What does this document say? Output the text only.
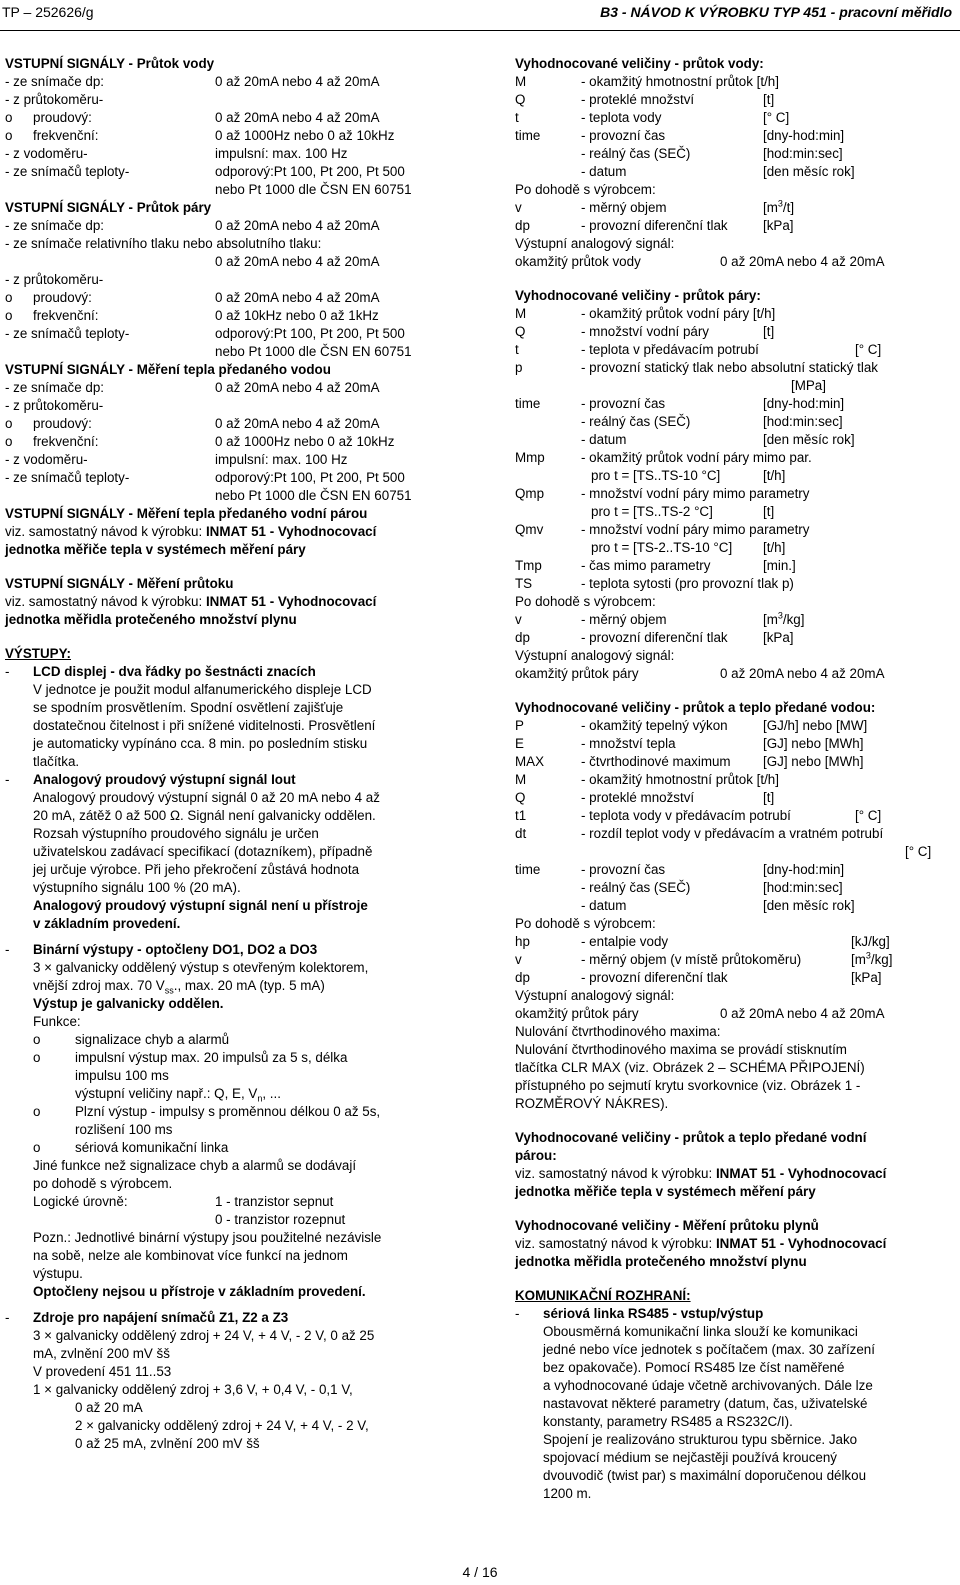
TP – 252626/g	B3 - NÁVOD K VÝROBKU TYP 451 - pracovní měřidlo
VSTUPNÍ SIGNÁLY - Průtok vody
- ze snímače dp:	0 až 20mA nebo 4 až 20mA
- z průtokoměru-
o proudový:	0 až 20mA nebo 4 až 20mA
o frekvenční:	0 až 1000Hz nebo 0 až 10kHz
- z vodoměru-	impulsní: max. 100 Hz
- ze snímačů teploty-	odporový:Pt 100, Pt 200, Pt 500
nebo Pt 1000 dle ČSN EN 60751
VSTUPNÍ SIGNÁLY - Průtok páry
- ze snímače dp:	0 až 20mA nebo 4 až 20mA
- ze snímače relativního tlaku nebo absolutního tlaku:
0 až 20mA nebo 4 až 20mA
- z průtokoměru-
o proudový:	0 až 20mA nebo 4 až 20mA
o frekvenční:	0 až 10kHz nebo 0 až 1kHz
- ze snímačů teploty-	odporový:Pt 100, Pt 200, Pt 500
nebo Pt 1000 dle ČSN EN 60751
VSTUPNÍ SIGNÁLY - Měření tepla předaného vodou
- ze snímače dp:	0 až 20mA nebo 4 až 20mA
- z průtokoměru-
o proudový:	0 až 20mA nebo 4 až 20mA
o frekvenční:	0 až 1000Hz nebo 0 až 10kHz
- z vodoměru-	impulsní: max. 100 Hz
- ze snímačů teploty-	odporový:Pt 100, Pt 200, Pt 500
nebo Pt 1000 dle ČSN EN 60751
VSTUPNÍ SIGNÁLY - Měření tepla předaného vodní párou
viz. samostatný návod k výrobku: INMAT 51 - Vyhodnocovací
jednotka měřiče tepla v systémech měření páry
VSTUPNÍ SIGNÁLY - Měření průtoku
viz. samostatný návod k výrobku: INMAT 51 - Vyhodnocovací
jednotka měřidla protečeného množství plynu
VÝSTUPY:
- LCD displej - dva řádky po šestnácti znacích
V jednotce je použit modul alfanumerického displeje LCD
se spodním prosvětlením. Spodní osvětlení zajišťuje
dostatečnou čitelnost i při snížené viditelnosti. Prosvětlení
je automaticky vypínáno cca. 8 min. po posledním stisku
tlačítka.
- Analogový proudový výstupní signál Iout
Analogový proudový výstupní signál 0 až 20 mA nebo 4 až
20 mA, zátěž 0 až 500 Ω. Signál není galvanicky oddělen.
Rozsah výstupního proudového signálu je určen
uživatelskou zadávací specifikací (dotazníkem), případně
jej určuje výrobce. Při jeho překročení zůstává hodnota
výstupního signálu 100 % (20 mA).
Analogový proudový výstupní signál není u přístroje
v základním provedení.
- Binární výstupy - optočleny DO1, DO2 a DO3
3 × galvanicky oddělený výstup s otevřeným kolektorem,
vnější zdroj max. 70 $V_{ss}$., max. 20 mA (typ. 5 mA)
Výstup je galvanicky oddělen.
Funkce:
o	signalizace chyb a alarmů
o	impulsní výstup max. 20 impulsů za 5 s, délka
impulsu 100 ms
výstupní veličiny např.: Q, E, $V_n$, ...
o	Plzní výstup - impulsy s proměnnou délkou 0 až 5s,
rozlišení 100 ms
o	sériová komunikační linka
Jiné funkce než signalizace chyb a alarmů se dodávají
po dohodě s výrobcem.
Logické úrovně:	1 - tranzistor sepnut
0 - tranzistor rozepnut
Pozn.: Jednotlivé binární výstupy jsou použitelné nezávisle
na sobě, nelze ale kombinovat více funkcí na jednom
výstupu.
Optočleny nejsou u přístroje v základním provedení.
- Zdroje pro napájení snímačů Z1, Z2 a Z3
3 × galvanicky oddělený zdroj + 24 V, + 4 V, - 2 V, 0 až 25
mA, zvlnění 200 mV šš
V provedení 451 11..53
1 × galvanicky oddělený zdroj + 3,6 V, + 0,4 V, - 0,1 V,
0 až 20 mA
2 × galvanicky oddělený zdroj + 24 V, + 4 V, - 2 V,
0 až 25 mA, zvlnění 200 mV šš
Vyhodnocované veličiny - průtok vody:
M	- okamžitý hmotnostní průtok [t/h]
Q	- proteklé množství	[t]
t	- teplota vody	[° C]
time	- provozní čas	[dny-hod:min]
- reálný čas (SEČ)	[hod:min:sec]
- datum	[den měsíc rok]
Po dohodě s výrobcem:
v	- měrný objem	$[m^3/t]$
dp	- provozní diferenční tlak	[kPa]
Výstupní analogový signál:
okamžitý průtok vody	0 až 20mA nebo 4 až 20mA
Vyhodnocované veličiny - průtok páry:
M	- okamžitý průtok vodní páry [t/h]
Q	- množství vodní páry	[t]
t	- teplota v předávacím potrubí	[° C]
p	- provozní statický tlak nebo absolutní statický tlak
[MPa]
time	- provozní čas	[dny-hod:min]
- reálný čas (SEČ)	[hod:min:sec]
- datum	[den měsíc rok]
Mmp	- okamžitý průtok vodní páry mimo par.
pro t = [TS..TS-10 °C]	[t/h]
Qmp	- množství vodní páry mimo parametry
pro t = [TS..TS-2 °C]	[t]
Qmv	- množství vodní páry mimo parametry
pro t = [TS-2..TS-10 °C] [t/h]
Tmp	- čas mimo parametry	[min.]
TS	- teplota sytosti (pro provozní tlak p)
Po dohodě s výrobcem:
v	- měrný objem	$[m^3/kg]$
dp	- provozní diferenční tlak	[kPa]
Výstupní analogový signál:
okamžitý průtok páry	0 až 20mA nebo 4 až 20mA
Vyhodnocované veličiny - průtok a teplo předané vodou:
P	- okamžitý tepelný výkon	[GJ/h] nebo [MW]
E	- množství tepla	[GJ] nebo [MWh]
MAX	- čtvrthodinové maximum [GJ] nebo [MWh]
M	- okamžitý hmotnostní průtok [t/h]
Q	- proteklé množství	[t]
t1	- teplota vody v předávacím potrubí	[° C]
dt	- rozdíl teplot vody v předávacím a vratném potrubí
[° C]
time	- provozní čas	[dny-hod:min]
- reálný čas (SEČ)	[hod:min:sec]
- datum	[den měsíc rok]
Po dohodě s výrobcem:
hp	- entalpie vody	[kJ/kg]
v	- měrný objem (v místě průtokoměru)	$[m^3/kg]$
dp	- provozní diferenční tlak	[kPa]
Výstupní analogový signál:
okamžitý průtok páry	0 až 20mA nebo 4 až 20mA
Nulování čtvrthodinového maxima:
Nulování čtvrthodinového maxima se provádí stisknutím
tlačítka CLR MAX (viz. Obrázek 2 – SCHÉMA PŘIPOJENÍ)
přístupného po sejmutí krytu svorkovnice (viz. Obrázek 1 -
ROZMĚROVÝ NÁKRES).
Vyhodnocované veličiny - průtok a teplo předané vodní
párou:
viz. samostatný návod k výrobku: INMAT 51 - Vyhodnocovací
jednotka měřiče tepla v systémech měření páry
Vyhodnocované veličiny - Měření průtoku plynů
viz. samostatný návod k výrobku: INMAT 51 - Vyhodnocovací
jednotka měřidla protečeného množství plynu
KOMUNIKAČNÍ ROZHRANÍ:
- sériová linka RS485 - vstup/výstup
Obousměrná komunikační linka slouží ke komunikaci
jedné nebo více jednotek s počítačem (max. 30 zařízení
bez opakovače). Pomocí RS485 lze číst naměřené
a vyhodnocované údaje včetně archivovaných. Dále lze
nastavovat některé parametry (datum, čas, uživatelské
konstanty, parametry RS485 a RS232C/I).
Spojení je realizováno strukturou typu sběrnice. Jako
spojovací médium se nejčastěji používá kroucený
dvouvodič (twist par) s maximální doporučenou délkou
1200 m.
4 / 16
